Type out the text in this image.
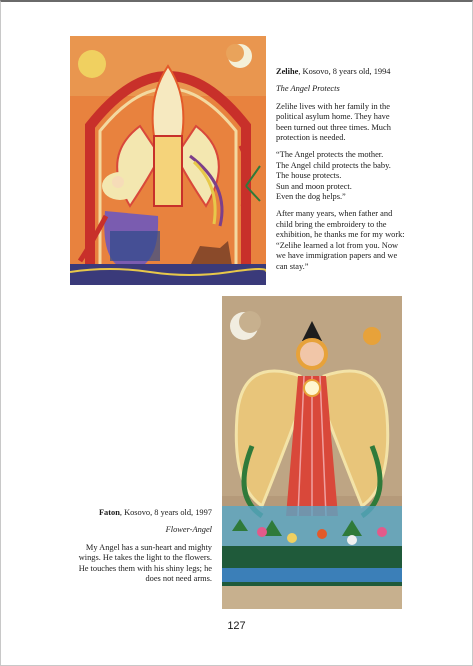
Zelihe, Kosovo, 8 years old, 1994

The Angel Protects

Zelihe lives with her family in the political asylum home. They have been turned out three times. Much protection is needed.

“The Angel protects the mother.
The Angel child protects the baby.
The house protects.
Sun and moon protect.
Even the dog helps.”

After many years, when father and child bring the embroidery to the exhibition, he thanks me for my work: “Zelihe learned a lot from you. Now we have immigration papers and we can stay.”

Faton, Kosovo, 8 years old, 1997

Flower-Angel

My Angel has a sun-heart and mighty wings. He takes the light to the flowers. He touches them with his shiny legs; he does not need arms.

127
